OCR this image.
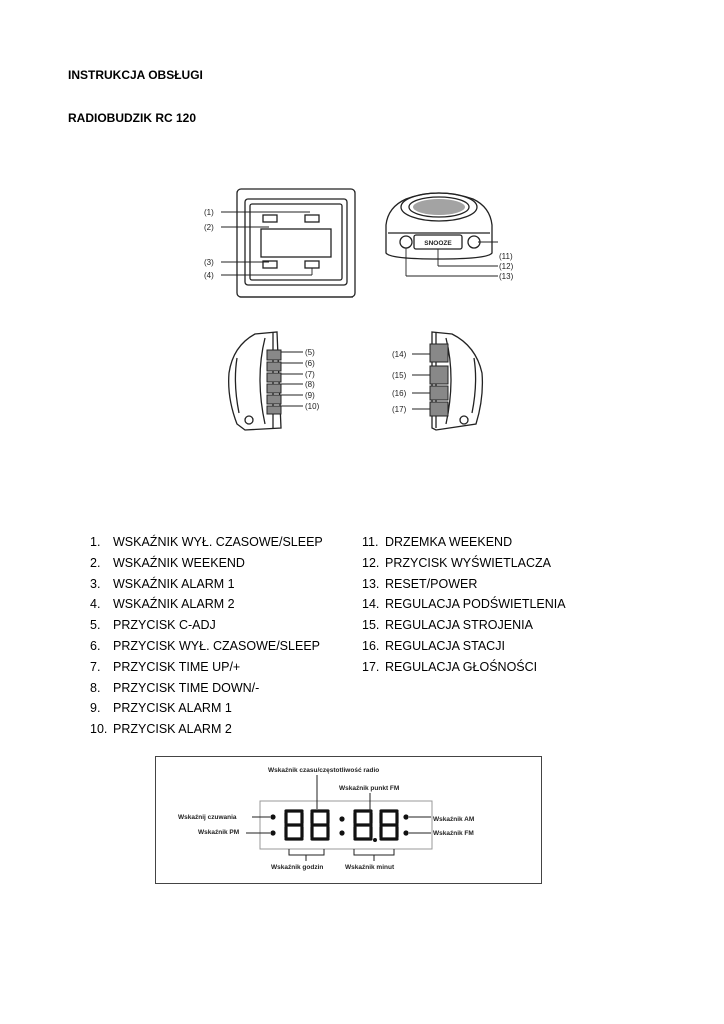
INSTRUKCJA OBSŁUGI
RADIOBUDZIK RC 120
(1)
(2)
(3)
(4)
SNOOZE
(11)
(12)
(13)
(5)
(6)
(7)
(8)
(9)
(10)
(14)
(15)
(16)
(17)
1.	WSKAŹNIK WYŁ. CZASOWE/SLEEP
2.	WSKAŹNIK WEEKEND
3.	WSKAŹNIK ALARM 1
4.	WSKAŹNIK ALARM 2
5.	PRZYCISK C-ADJ
6.	PRZYCISK WYŁ. CZASOWE/SLEEP
7.	PRZYCISK TIME UP/+
8.	PRZYCISK TIME DOWN/-
9.	PRZYCISK ALARM 1
10. PRZYCISK ALARM 2
11. DRZEMKA WEEKEND
12. PRZYCISK WYŚWIETLACZA
13. RESET/POWER
14. REGULACJA PODŚWIETLENIA
15. REGULACJA STROJENIA
16. REGULACJA STACJI
17. REGULACJA GŁOŚNOŚCI
Wskaźnik czasu/częstotliwość radio
Wskaźnik punkt FM
Wskaźnij czuwania
Wskaźnik PM
Wskaźnik AM
Wskaźnik FM
Wskaźnik godzin	Wskaźnik minut
